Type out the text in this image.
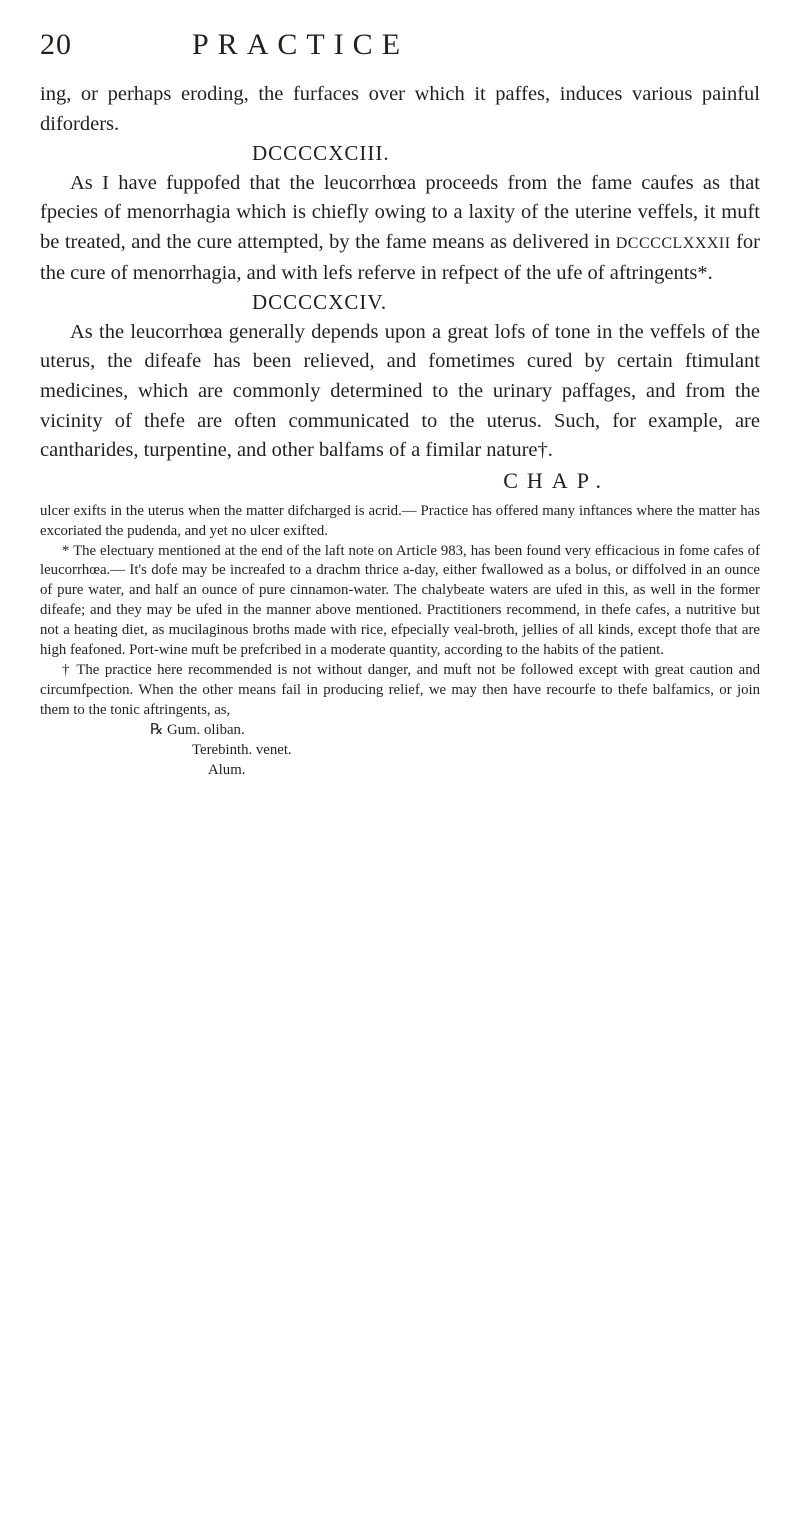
20	PRACTICE

ing, or perhaps eroding, the furfaces over which it paffes, induces various painful diforders.

DCCCCXCIII.

As I have fuppofed that the leucorrhœa proceeds from the fame caufes as that fpecies of menorrhagia which is chiefly owing to a laxity of the uterine veffels, it muft be treated, and the cure attempted, by the fame means as delivered in DCCCCLXXXII for the cure of menorrhagia, and with lefs referve in refpect of the ufe of aftringents*.

DCCCCXCIV.

As the leucorrhœa generally depends upon a great lofs of tone in the veffels of the uterus, the difeafe has been relieved, and fometimes cured by certain ftimulant medicines, which are commonly determined to the urinary paffages, and from the vicinity of thefe are often communicated to the uterus. Such, for example, are cantharides, turpentine, and other balfams of a fimilar nature†.

CHAP.

ulcer exifts in the uterus when the matter difcharged is acrid.— Practice has offered many inftances where the matter has excoriated the pudenda, and yet no ulcer exifted.

* The electuary mentioned at the end of the laft note on Article 983, has been found very efficacious in fome cafes of leucorrhœa.— It's dofe may be increafed to a drachm thrice a-day, either fwallowed as a bolus, or diffolved in an ounce of pure water, and half an ounce of pure cinnamon-water. The chalybeate waters are ufed in this, as well in the former difeafe; and they may be ufed in the manner above mentioned. Practitioners recommend, in thefe cafes, a nutritive but not a heating diet, as mucilaginous broths made with rice, efpecially veal-broth, jellies of all kinds, except thofe that are high feafoned. Port-wine muft be prefcribed in a moderate quantity, according to the habits of the patient.

† The practice here recommended is not without danger, and muft not be followed except with great caution and circumfpection. When the other means fail in producing relief, we may then have recourfe to thefe balfamics, or join them to the tonic aftringents, as,

℞ Gum. oliban.
Terebinth. venet.
Alum.
